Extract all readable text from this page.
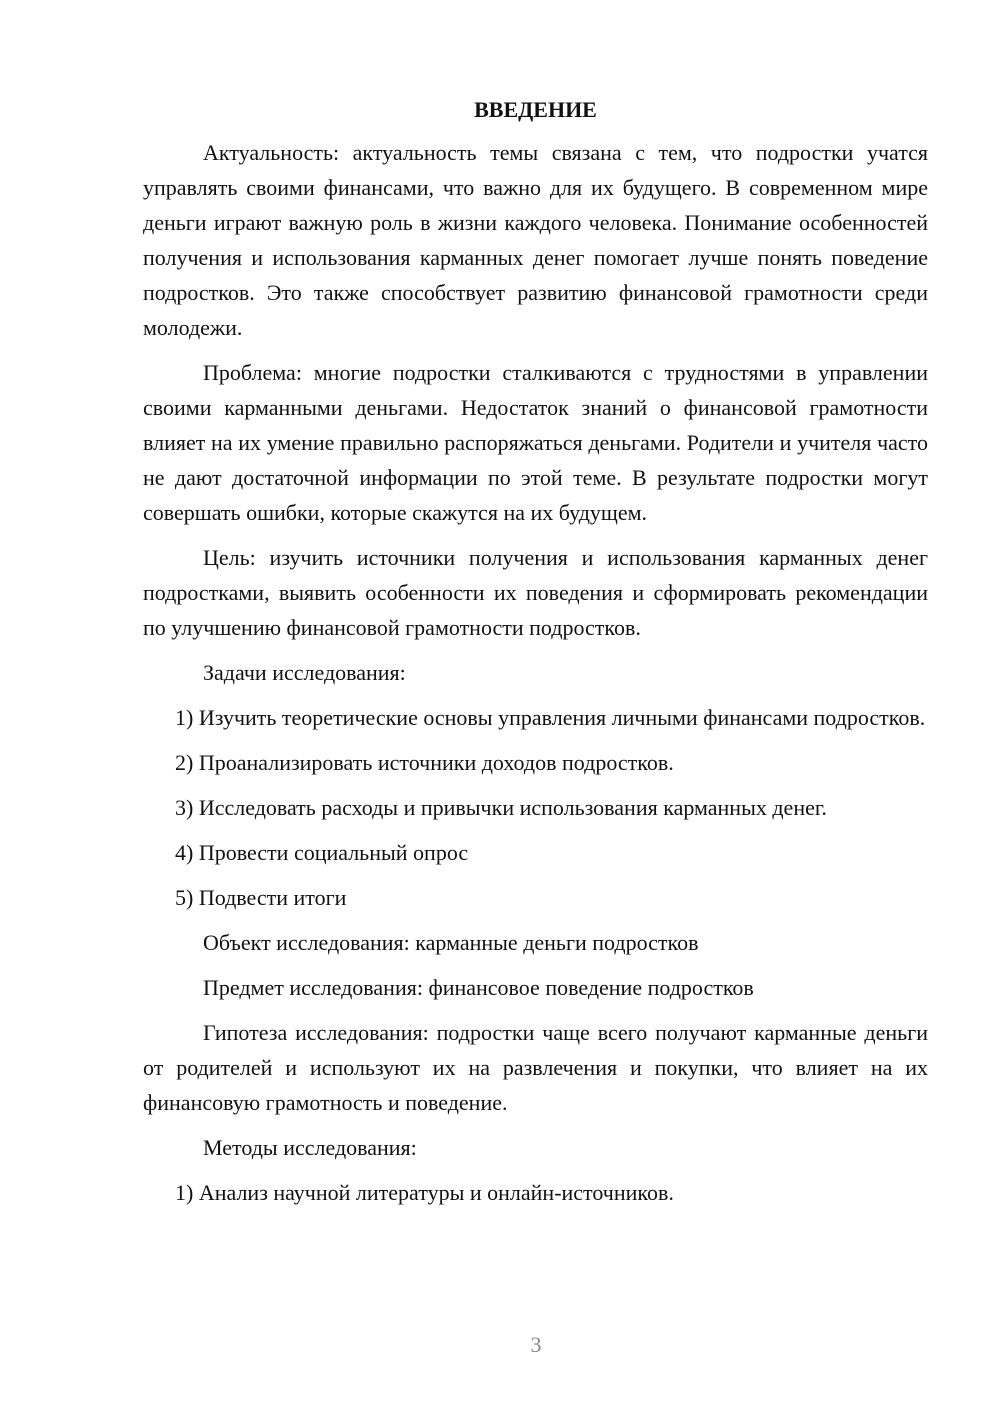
ВВЕДЕНИЕ

Актуальность: актуальность темы связана с тем, что подростки учатся управлять своими финансами, что важно для их будущего. В современном мире деньги играют важную роль в жизни каждого человека. Понимание особенностей получения и использования карманных денег помогает лучше понять поведение подростков. Это также способствует развитию финансовой грамотности среди молодежи.

Проблема: многие подростки сталкиваются с трудностями в управлении своими карманными деньгами. Недостаток знаний о финансовой грамотности влияет на их умение правильно распоряжаться деньгами. Родители и учителя часто не дают достаточной информации по этой теме. В результате подростки могут совершать ошибки, которые скажутся на их будущем.

Цель: изучить источники получения и использования карманных денег подростками, выявить особенности их поведения и сформировать рекомендации по улучшению финансовой грамотности подростков.

Задачи исследования:

1) Изучить теоретические основы управления личными финансами подростков.

2) Проанализировать источники доходов подростков.

3) Исследовать расходы и привычки использования карманных денег.

4) Провести социальный опрос

5) Подвести итоги

Объект исследования: карманные деньги подростков

Предмет исследования: финансовое поведение подростков

Гипотеза исследования: подростки чаще всего получают карманные деньги от родителей и используют их на развлечения и покупки, что влияет на их финансовую грамотность и поведение.

Методы исследования:

1) Анализ научной литературы и онлайн-источников.

3
